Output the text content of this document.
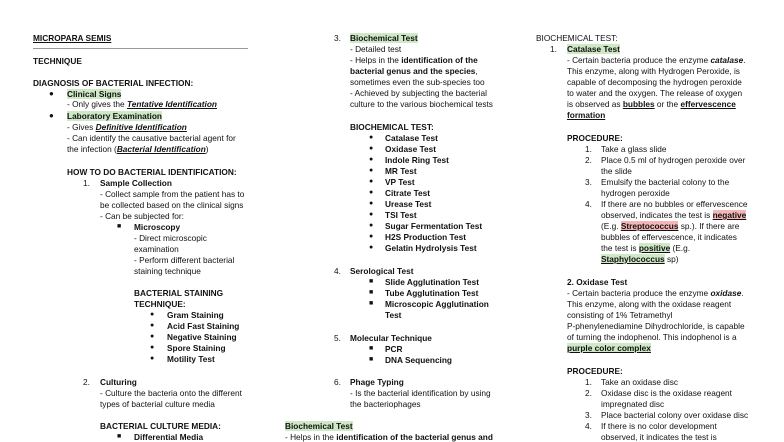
MICROPARA SEMIS
TECHNIQUE
DIAGNOSIS OF BACTERIAL INFECTION:
● Clinical Signs
- Only gives the Tentative Identification
● Laboratory Examination
- Gives Definitive Identification
- Can identify the causative bacterial agent for
the infection (Bacterial Identification)
HOW TO DO BACTERIAL IDENTIFICATION:
1. Sample Collection
- Collect sample from the patient has to
be collected based on the clinical signs
- Can be subjected for:
■ Microscopy
- Direct microscopic
examination
- Perform different bacterial
staining technique
BACTERIAL STAINING
TECHNIQUE:
● Gram Staining
● Acid Fast Staining
● Negative Staining
● Spore Staining
● Motility Test
2. Culturing
- Culture the bacteria onto the different
types of bacterial culture media
BACTERIAL CULTURE MEDIA:
■ Differential Media
3. Biochemical Test
- Detailed test
- Helps in the identification of the
bacterial genus and the species,
sometimes even the sub-species too
- Achieved by subjecting the bacterial
culture to the various biochemical tests
BIOCHEMICAL TEST:
● Catalase Test
● Oxidase Test
● Indole Ring Test
● MR Test
● VP Test
● Citrate Test
● Urease Test
● TSI Test
● Sugar Fermentation Test
● H2S Production Test
● Gelatin Hydrolysis Test
4. Serological Test
■ Slide Agglutination Test
■ Tube Agglutination Test
■ Microscopic Agglutination
Test
5. Molecular Technique
■ PCR
■ DNA Sequencing
6. Phage Typing
- Is the bacterial identification by using
the bacteriophages
Biochemical Test
- Helps in the identification of the bacterial genus and
BIOCHEMICAL TEST:
1. Catalase Test
- Certain bacteria produce the enzyme catalase.
This enzyme, along with Hydrogen Peroxide, is
capable of decomposing the hydrogen peroxide
to water and the oxygen. The release of oxygen
is observed as bubbles or the effervescence
formation
PROCEDURE:
1. Take a glass slide
2. Place 0.5 ml of hydrogen peroxide over
the slide
3. Emulsify the bacterial colony to the
hydrogen peroxide
4. If there are no bubbles or effervescence
observed, indicates the test is negative
(E.g. Streptococcus sp.). If there are
bubbles of effervescence, it indicates
the test is positive (E.g.
Staphylococcus sp)
2. Oxidase Test
- Certain bacteria produce the enzyme oxidase.
This enzyme, along with the oxidase reagent
consisting of 1% Tetramethyl
P-phenylenediamine Dihydrochloride, is capable
of turning the indophenol. This indophenol is a
purple color complex
PROCEDURE:
1. Take an oxidase disc
2. Oxidase disc is the oxidase reagent
impregnated disc
3. Place bacterial colony over oxidase disc
4. If there is no color development
observed, it indicates the test is
